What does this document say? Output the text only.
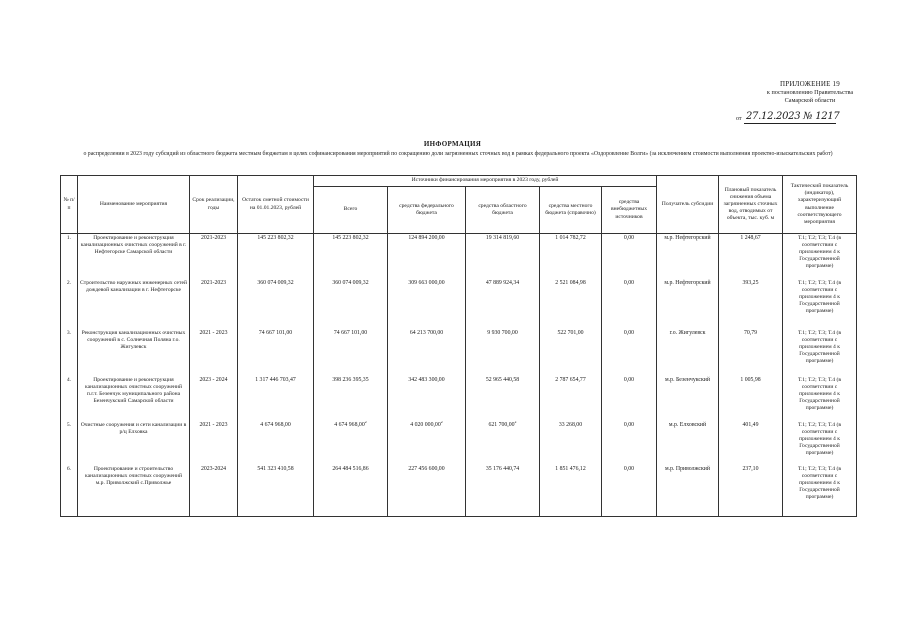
ПРИЛОЖЕНИЕ 19
к постановлению Правительства
Самарской области
от 27.12.2023 № 1217
ИНФОРМАЦИЯ
о распределении в 2023 году субсидий из областного бюджета местным бюджетам в целях софинансирования мероприятий по сокращению доли загрязненных сточных вод в рамках федерального проекта «Оздоровление Волги» (за исключением стоимости выполнения проектно-изыскательских работ)
№ п/п	Наименование мероприятия	Срок реализации, годы	Остаток сметной стоимости на 01.01.2023, рублей	Источники финансирования мероприятия в 2023 году, рублей					Получатель субсидии	Плановый показатель снижения объема загрязненных сточных вод, отводимых от объекта, тыс. куб. м	Тактический показатель (индикатор), характеризующий выполнение соответствующего мероприятия
				Всего	средства федерального бюджета	средства областного бюджета	средства местного бюджета (справочно)	средства внебюджетных источников			
1.	Проектирование и реконструкция канализационных очистных сооружений в г. Нефтегорске Самарской области	2021-2023	145 223 802,32	145 223 802,32	124 894 200,00	19 314 819,60	1 014 782,72	0,00	м.р. Нефтегорский	1 248,67	Т.1; Т.2; Т.3; Т.4 (в соответствии с приложением 4 к Государственной программе)
2.	Строительство наружных инженерных сетей дождевой канализации в г. Нефтегорске	2021-2023	360 074 009,32	360 074 009,32	309 663 000,00	47 889 924,34	2 521 084,98	0,00	м.р. Нефтегорский	393,25	Т.1; Т.2; Т.3; Т.4 (в соответствии с приложением 4 к Государственной программе)
3.	Реконструкция канализационных очистных сооружений в с. Солнечная Поляна г.о. Жигулевск	2021 - 2023	74 667 101,00	74 667 101,00	64 213 700,00	9 930 700,00	522 701,00	0,00	г.о. Жигулевск	70,79	Т.1; Т.2; Т.3; Т.4 (в соответствии с приложением 4 к Государственной программе)
4.	Проектирование и реконструкция канализационных очистных сооружений п.г.т. Безенчук муниципального района Безенчукский Самарской области	2023 - 2024	1 317 446 703,47	398 236 395,35	342 483 300,00	52 965 440,58	2 787 654,77	0,00	м.р. Безенчукский	1 005,98	Т.1; Т.2; Т.3; Т.4 (в соответствии с приложением 4 к Государственной программе)
5.	Очистные сооружения и сети канализации в р/ц Елховка	2021 - 2023	4 674 968,00	4 674 968,00$^2$	4 020 000,00$^2$	621 700,00$^2$	33 268,00	0,00	м.р. Елховский	401,49	Т.1; Т.2; Т.3; Т.4 (в соответствии с приложением 4 к Государственной программе)
6.	Проектирование и строительство канализационных очистных сооружений м.р. Приволжский с.Приволжье	2023-2024	541 323 410,58	264 484 516,86	227 456 600,00	35 176 440,74	1 851 476,12	0,00	м.р. Приволжский	237,10	Т.1; Т.2; Т.3; Т.4 (в соответствии с приложением 4 к Государственной программе)
